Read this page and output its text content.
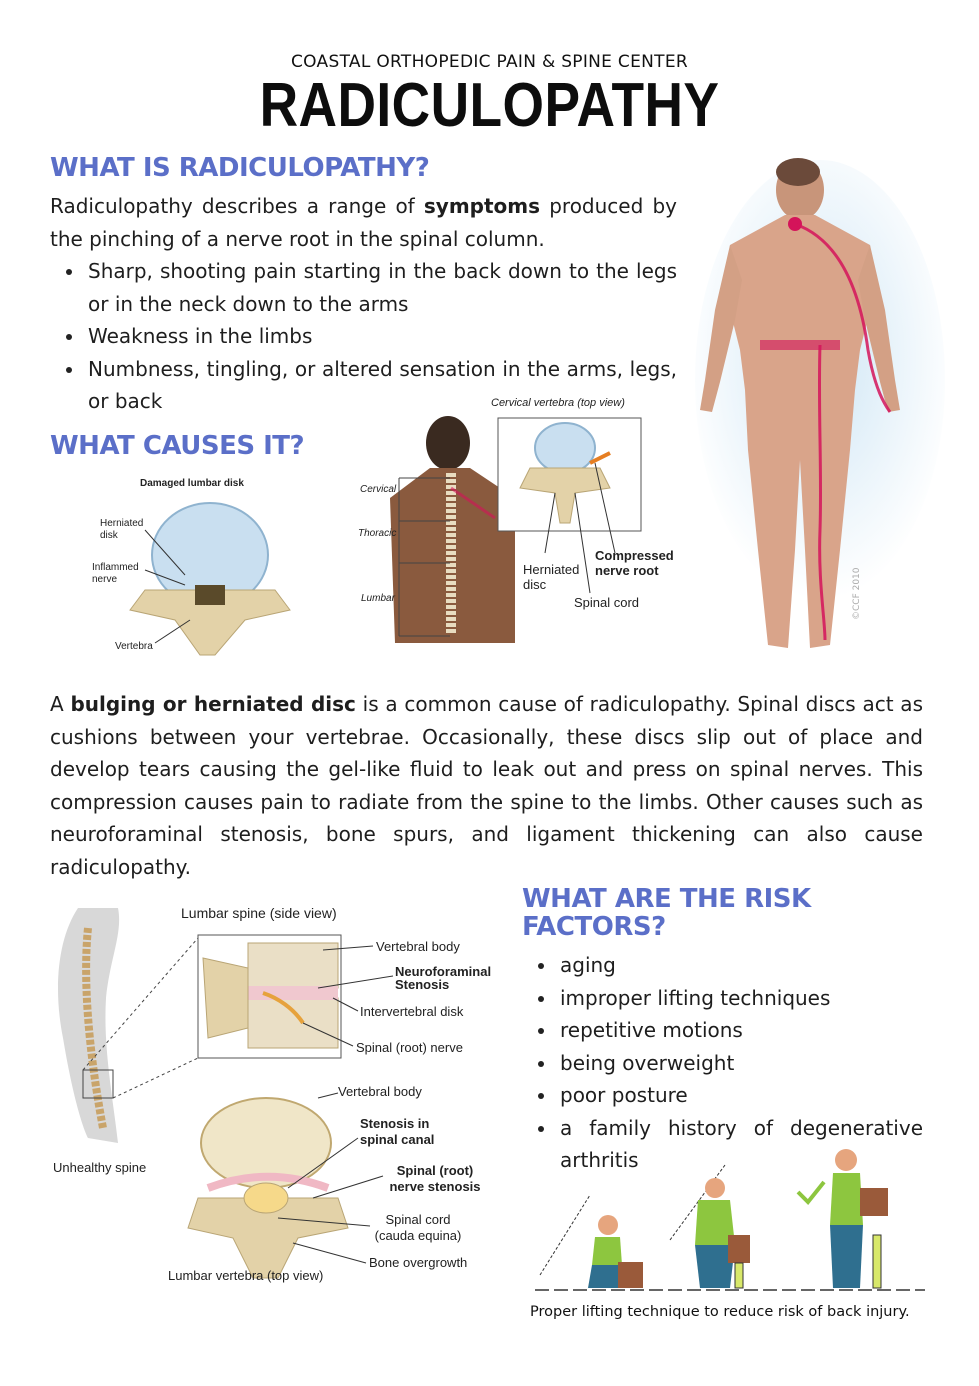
COASTAL ORTHOPEDIC PAIN & SPINE CENTER
RADICULOPATHY
WHAT IS RADICULOPATHY?
Radiculopathy describes a range of symptoms produced by the pinching of a nerve root in the spinal column.
Sharp, shooting pain starting in the back down to the legs or in the neck down to the arms
Weakness in the limbs
Numbness, tingling, or altered sensation in the arms, legs, or back
©CCF 2010
WHAT CAUSES IT?
Damaged lumbar disk
Herniated disk
Inflammed nerve
Vertebra
Cervical vertebra (top view)
Cervical
Thoracic
Lumbar
Herniated disc
Compressed nerve root
Spinal cord
A bulging or herniated disc is a common cause of radiculopathy. Spinal discs act as cushions between your vertebrae. Occasionally, these discs slip out of place and develop tears causing the gel-like fluid to leak out and press on spinal nerves. This compression causes pain to radiate from the spine to the limbs. Other causes such as neuroforaminal stenosis, bone spurs, and ligament thickening can also cause radiculopathy.
Lumbar spine (side view)
Vertebral body
Neuroforaminal Stenosis
Intervertebral disk
Spinal (root) nerve
Unhealthy spine
Vertebral body
Stenosis in spinal canal
Spinal (root) nerve stenosis
Spinal cord (cauda equina)
Bone overgrowth
Lumbar vertebra (top view)
WHAT ARE THE RISK FACTORS?
aging
improper lifting techniques
repetitive motions
being overweight
poor posture
a family history of degenerative arthritis
Proper lifting technique to reduce risk of back injury.
